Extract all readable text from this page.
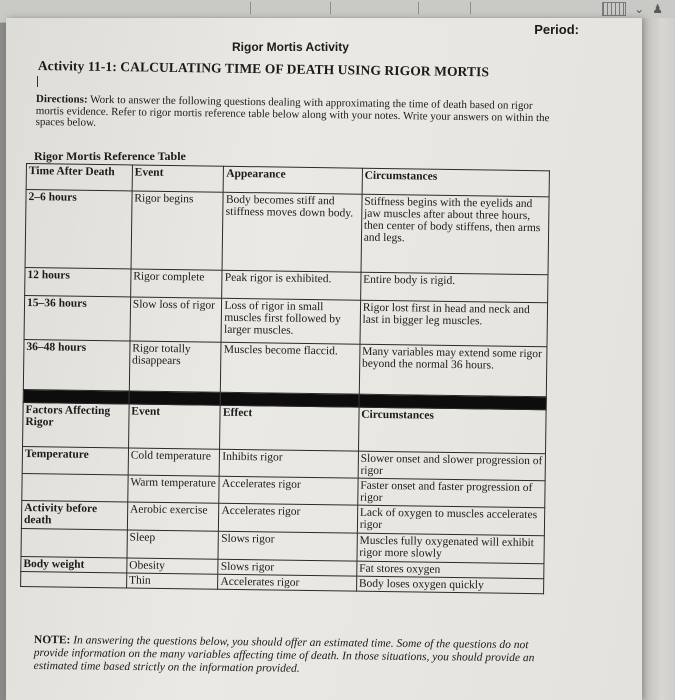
⌄ ♟
Period:
Rigor Mortis Activity
Activity 11-1: CALCULATING TIME OF DEATH USING RIGOR MORTIS
Directions: Work to answer the following questions dealing with approximating the time of death based on rigor mortis evidence. Refer to rigor mortis reference table below along with your notes. Write your answers on within the spaces below.
Rigor Mortis Reference Table
Time After Death	Event	Appearance	Circumstances
2–6 hours	Rigor begins	Body becomes stiff and stiffness moves down body.	Stiffness begins with the eyelids and jaw muscles after about three hours, then center of body stiffens, then arms and legs.
12 hours	Rigor complete	Peak rigor is exhibited.	Entire body is rigid.
15–36 hours	Slow loss of rigor	Loss of rigor in small muscles first followed by larger muscles.	Rigor lost first in head and neck and last in bigger leg muscles.
36–48 hours	Rigor totally disappears	Muscles become flaccid.	Many variables may extend some rigor beyond the normal 36 hours.

Factors Affecting Rigor	Event	Effect	Circumstances
Temperature	Cold temperature	Inhibits rigor	Slower onset and slower progression of rigor
	Warm temperature	Accelerates rigor	Faster onset and faster progression of rigor
Activity before death	Aerobic exercise	Accelerates rigor	Lack of oxygen to muscles accelerates rigor
	Sleep	Slows rigor	Muscles fully oxygenated will exhibit rigor more slowly
Body weight	Obesity	Slows rigor	Fat stores oxygen
	Thin	Accelerates rigor	Body loses oxygen quickly
NOTE: In answering the questions below, you should offer an estimated time. Some of the questions do not provide information on the many variables affecting time of death. In those situations, you should provide an estimated time based strictly on the information provided.
